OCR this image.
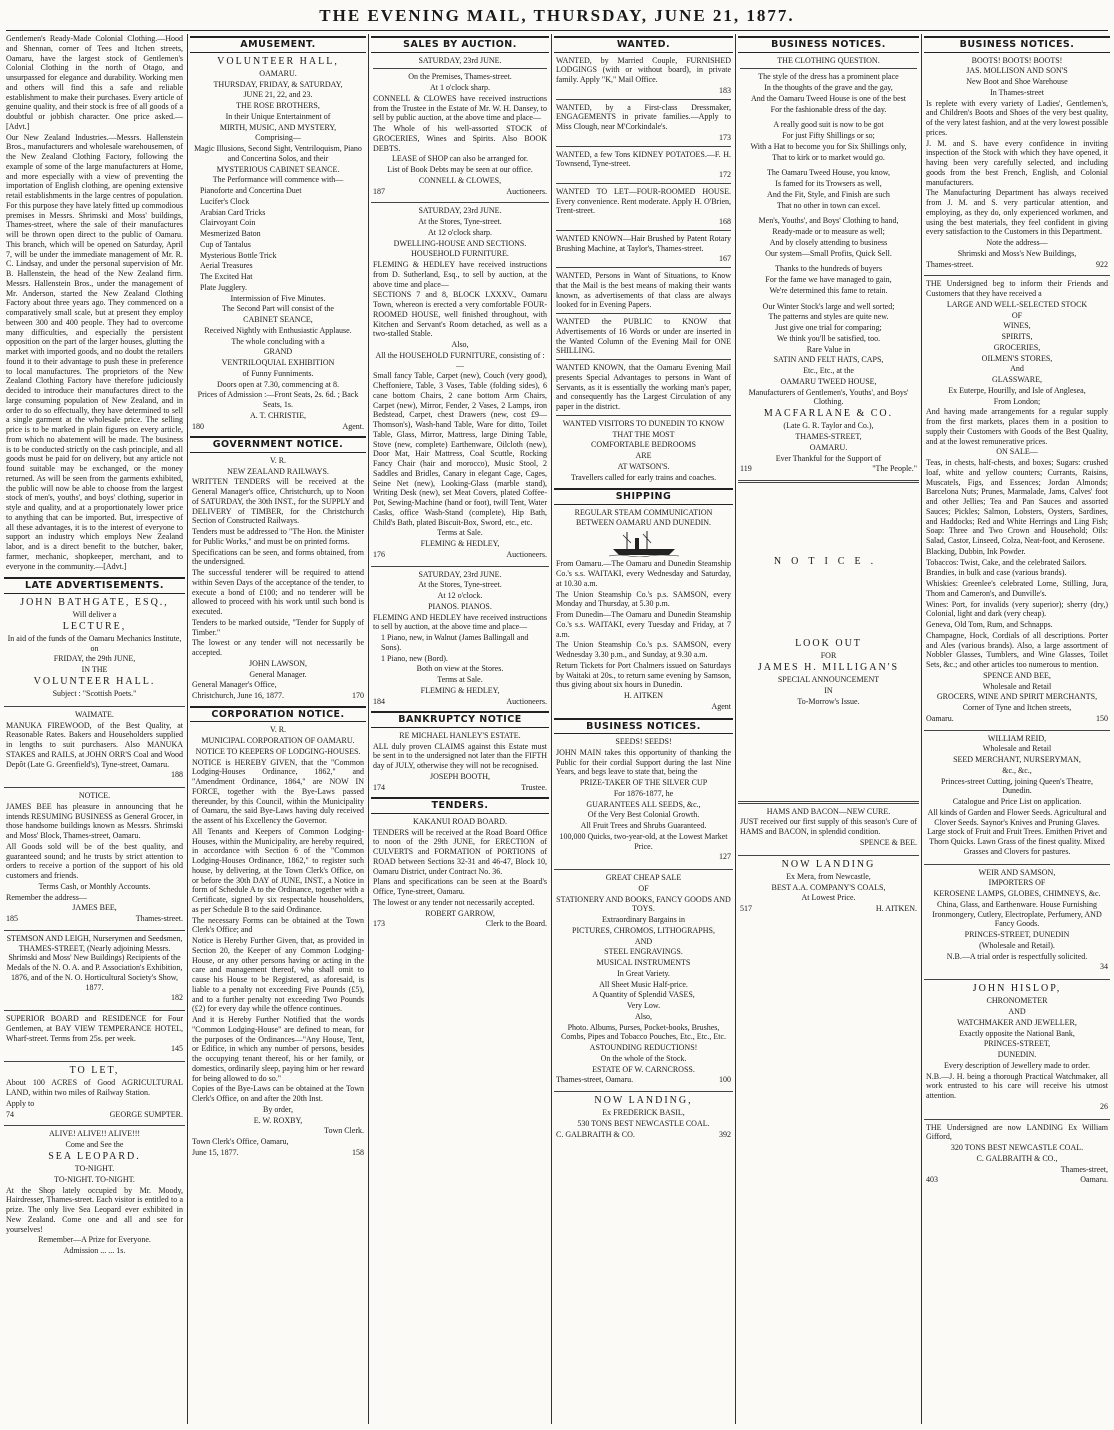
THE EVENING MAIL, THURSDAY, JUNE 21, 1877.

Gentlemen's Ready-Made Colonial Clothing.—Hood and Shennan, corner of Tees and Itchen streets, Oamaru, have the largest stock of Gentlemen's Colonial Clothing in the north of Otago, and unsurpassed for elegance and durability. Working men and others will find this a safe and reliable establishment to make their purchases. Every article of genuine quality, and their stock is free of all goods of a doubtful or jobbish character. One price asked.—[Advt.]

Our New Zealand Industries.—Messrs. Hallenstein Bros., manufacturers and wholesale warehousemen, of the New Zealand Clothing Factory, following the example of some of the large manufacturers at Home, and more especially with a view of preventing the importation of English clothing, are opening extensive retail establishments in the large centres of population. For this purpose they have lately fitted up commodious premises in Messrs. Shrimski and Moss' buildings, Thames-street, where the sale of their manufactures will be thrown open direct to the public of Oamaru. This branch, which will be opened on Saturday, April 7, will be under the immediate management of Mr. R. C. Lindsay, and under the personal supervision of Mr. B. Hallenstein, the head of the New Zealand firm. Messrs. Hallenstein Bros., under the management of Mr. Anderson, started the New Zealand Clothing Factory about three years ago. They commenced on a comparatively small scale, but at present they employ between 300 and 400 people. They had to overcome many difficulties, and especially the persistent opposition on the part of the larger houses, glutting the market with imported goods, and no doubt the retailers found it to their advantage to push these in preference to local manufactures. The proprietors of the New Zealand Clothing Factory have therefore judiciously decided to introduce their manufactures direct to the large consuming population of New Zealand, and in order to do so effectually, they have determined to sell a single garment at the wholesale price. The selling price is to be marked in plain figures on every article, from which no abatement will be made. The business is to be conducted strictly on the cash principle, and all goods must be paid for on delivery, but any article not found suitable may be exchanged, or the money returned. As will be seen from the garments exhibited, the public will now be able to choose from the largest stock of men's, youths', and boys' clothing, superior in style and quality, and at a proportionately lower price to anything that can be imported. But, irrespective of all these advantages, it is to the interest of everyone to support an industry which employs New Zealand labor, and is a direct benefit to the butcher, baker, farmer, mechanic, shopkeeper, merchant, and to everyone in the community.—[Advt.]

LATE ADVERTISEMENTS.

JOHN BATHGATE, ESQ.,

Will deliver a

LECTURE,

In aid of the funds of the Oamaru Mechanics Institute, on

FRIDAY, the 29th JUNE,

IN THE

VOLUNTEER HALL.

Subject : "Scottish Poets."

WAIMATE.

MANUKA FIREWOOD, of the Best Quality, at Reasonable Rates. Bakers and Householders supplied in lengths to suit purchasers. Also MANUKA STAKES and RAILS, at JOHN ORR'S Coal and Wood Depôt (Late G. Greenfield's), Tyne-street, Oamaru.

188

NOTICE.

JAMES BEE has pleasure in announcing that he intends RESUMING BUSINESS as General Grocer, in those handsome buildings known as Messrs. Shrimski and Moss' Block, Thames-street, Oamaru.

All Goods sold will be of the best quality, and guaranteed sound; and he trusts by strict attention to orders to receive a portion of the support of his old customers and friends.

Terms Cash, or Monthly Accounts.

Remember the address—

JAMES BEE,

185	Thames-street.

STEMSON AND LEIGH, Nurserymen and Seedsmen, THAMES-STREET, (Nearly adjoining Messrs. Shrimski and Moss' New Buildings) Recipients of the Medals of the N. O. A. and P. Association's Exhibition, 1876, and of the N. O. Horticultural Society's Show, 1877.

182

SUPERIOR BOARD and RESIDENCE for Four Gentlemen, at BAY VIEW TEMPERANCE HOTEL, Wharf-street. Terms from 25s. per week.

145

TO LET,

About 100 ACRES of Good AGRICULTURAL LAND, within two miles of Railway Station.

Apply to

74	GEORGE SUMPTER.

ALIVE! ALIVE!! ALIVE!!!

Come and See the

SEA LEOPARD.

TO-NIGHT.

TO-NIGHT. TO-NIGHT.

At the Shop lately occupied by Mr. Moody, Hairdresser, Thames-street. Each visitor is entitled to a prize. The only live Sea Leopard ever exhibited in New Zealand. Come one and all and see for yourselves!

Remember—A Prize for Everyone.

Admission ... ... 1s.

AMUSEMENT.

VOLUNTEER HALL,

OAMARU.

THURSDAY, FRIDAY, & SATURDAY,

JUNE 21, 22, and 23.

THE ROSE BROTHERS,

In their Unique Entertainment of

MIRTH, MUSIC, AND MYSTERY,

Comprising—

Magic Illusions, Second Sight, Ventriloquism, Piano and Concertina Solos, and their

MYSTERIOUS CABINET SEANCE.

The Performance will commence with—

Pianoforte and Concertina Duet

Lucifer's Clock

Arabian Card Tricks

Clairvoyant Coin

Mesmerized Baton

Cup of Tantalus

Mysterious Bottle Trick

Aerial Treasures

The Excited Hat

Plate Jugglery.

Intermission of Five Minutes.

The Second Part will consist of the

CABINET SEANCE,

Received Nightly with Enthusiastic Applause.

The whole concluding with a

GRAND

VENTRILOQUIAL EXHIBITION

of Funny Funniments.

Doors open at 7.30, commencing at 8.

Prices of Admission :—Front Seats, 2s. 6d. ; Back Seats, 1s.

A. T. CHRISTIE,

180	Agent.
GOVERNMENT NOTICE.

V. R.

NEW ZEALAND RAILWAYS.

WRITTEN TENDERS will be received at the General Manager's office, Christchurch, up to Noon of SATURDAY, the 30th INST., for the SUPPLY and DELIVERY of TIMBER, for the Christchurch Section of Constructed Railways.

Tenders must be addressed to "The Hon. the Minister for Public Works," and must be on printed forms.

Specifications can be seen, and forms obtained, from the undersigned.

The successful tenderer will be required to attend within Seven Days of the acceptance of the tender, to execute a bond of £100; and no tenderer will be allowed to proceed with his work until such bond is executed.

Tenders to be marked outside, "Tender for Supply of Timber."

The lowest or any tender will not necessarily be accepted.

JOHN LAWSON,

General Manager.

General Manager's Office,

Christchurch, June 16, 1877.	170
CORPORATION NOTICE.

V. R.

MUNICIPAL CORPORATION OF OAMARU.

NOTICE TO KEEPERS OF LODGING-HOUSES.

NOTICE is HEREBY GIVEN, that the "Common Lodging-Houses Ordinance, 1862," and "Amendment Ordinance, 1864," are NOW IN FORCE, together with the Bye-Laws passed thereunder, by this Council, within the Municipality of Oamaru, the said Bye-Laws having duly received the assent of his Excellency the Governor.

All Tenants and Keepers of Common Lodging-Houses, within the Municipality, are hereby required, in accordance with Section 6 of the "Common Lodging-Houses Ordinance, 1862," to register such house, by delivering, at the Town Clerk's Office, on or before the 30th DAY of JUNE, INST., a Notice in form of Schedule A to the Ordinance, together with a Certificate, signed by six respectable householders, as per Schedule B to the said Ordinance.

The necessary Forms can be obtained at the Town Clerk's Office; and

Notice is Hereby Further Given, that, as provided in Section 20, the Keeper of any Common Lodging-House, or any other persons having or acting in the care and management thereof, who shall omit to cause his House to be Registered, as aforesaid, is liable to a penalty not exceeding Five Pounds (£5), and to a further penalty not exceeding Two Pounds (£2) for every day while the offence continues.

And it is Hereby Further Notified that the words "Common Lodging-House" are defined to mean, for the purposes of the Ordinances—"Any House, Tent, or Edifice, in which any number of persons, besides the occupying tenant thereof, his or her family, or domestics, ordinarily sleep, paying him or her reward for being allowed to do so."

Copies of the Bye-Laws can be obtained at the Town Clerk's Office, on and after the 20th Inst.

By order,

E. W. ROXBY,

Town Clerk.

Town Clerk's Office, Oamaru,

June 15, 1877.	158
SALES BY AUCTION.

SATURDAY, 23rd JUNE.

On the Premises, Thames-street.

At 1 o'clock sharp.

CONNELL & CLOWES have received instructions from the Trustee in the Estate of Mr. W. H. Dansey, to sell by public auction, at the above time and place—

The Whole of his well-assorted STOCK of GROCERIES, Wines and Spirits. Also BOOK DEBTS.

LEASE of SHOP can also be arranged for.

List of Book Debts may be seen at our office.

CONNELL & CLOWES,

187	Auctioneers.

SATURDAY, 23rd JUNE.

At the Stores, Tyne-street.

At 12 o'clock sharp.

DWELLING-HOUSE AND SECTIONS.

HOUSEHOLD FURNITURE.

FLEMING & HEDLEY have received instructions from D. Sutherland, Esq., to sell by auction, at the above time and place—

SECTIONS 7 and 8, BLOCK LXXXV., Oamaru Town, whereon is erected a very comfortable FOUR-ROOMED HOUSE, well finished throughout, with Kitchen and Servant's Room detached, as well as a two-stalled Stable.

Also,

All the HOUSEHOLD FURNITURE, consisting of :—

Small fancy Table, Carpet (new), Couch (very good), Cheffoniere, Table, 3 Vases, Table (folding sides), 6 cane bottom Chairs, 2 cane bottom Arm Chairs, Carpet (new), Mirror, Fender, 2 Vases, 2 Lamps, iron Bedstead, Carpet, chest Drawers (new, cost £9—Thomson's), Wash-hand Table, Ware for ditto, Toilet Table, Glass, Mirror, Mattress, large Dining Table, Stove (new, complete) Earthenware, Oilcloth (new), Door Mat, Hair Mattress, Coal Scuttle, Rocking Fancy Chair (hair and morocco), Music Stool, 2 Saddles and Bridles, Canary in elegant Cage, Cages, Seine Net (new), Looking-Glass (marble stand), Writing Desk (new), set Meat Covers, plated Coffee-Pot, Sewing-Machine (hand or foot), twill Tent, Water Casks, office Wash-Stand (complete), Hip Bath, Child's Bath, plated Biscuit-Box, Sword, etc., etc.

Terms at Sale.

FLEMING & HEDLEY,

176	Auctioneers.

SATURDAY, 23rd JUNE.

At the Stores, Tyne-street.

At 12 o'clock.

PIANOS. PIANOS.

FLEMING AND HEDLEY have received instructions to sell by auction, at the above time and place—

1 Piano, new, in Walnut (James Ballingall and Sons).

1 Piano, new (Bord).

Both on view at the Stores.

Terms at Sale.

FLEMING & HEDLEY,

184	Auctioneers.
BANKRUPTCY NOTICE

RE MICHAEL HANLEY'S ESTATE.

ALL duly proven CLAIMS against this Estate must be sent in to the undersigned not later than the FIFTH day of JULY, otherwise they will not be recognised.

JOSEPH BOOTH,

174	Trustee.
TENDERS.

KAKANUI ROAD BOARD.

TENDERS will be received at the Road Board Office to noon of the 29th JUNE, for ERECTION of CULVERTS and FORMATION of PORTIONS of ROAD between Sections 32-31 and 46-47, Block 10, Oamaru District, under Contract No. 36.

Plans and specifications can be seen at the Board's Office, Tyne-street, Oamaru.

The lowest or any tender not necessarily accepted.

ROBERT GARROW,

173	Clerk to the Board.
WANTED.

WANTED, by Married Couple, FURNISHED LODGINGS (with or without board), in private family. Apply "K," Mail Office.

183

WANTED, by a First-class Dressmaker, ENGAGEMENTS in private families.—Apply to Miss Clough, near M'Corkindale's.

173

WANTED, a few Tons KIDNEY POTATOES.—F. H. Townsend, Tyne-street.

172

WANTED TO LET—FOUR-ROOMED HOUSE. Every convenience. Rent moderate. Apply H. O'Brien, Trent-street.

168

WANTED KNOWN—Hair Brushed by Patent Rotary Brushing Machine, at Taylor's, Thames-street.

167

WANTED, Persons in Want of Situations, to Know that the Mail is the best means of making their wants known, as advertisements of that class are always looked for in Evening Papers.

WANTED the PUBLIC to KNOW that Advertisements of 16 Words or under are inserted in the Wanted Column of the Evening Mail for ONE SHILLING.

WANTED KNOWN, that the Oamaru Evening Mail presents Special Advantages to persons in Want of Servants, as it is essentially the working man's paper, and consequently has the Largest Circulation of any paper in the district.

WANTED VISITORS TO DUNEDIN TO KNOW

THAT THE MOST

COMFORTABLE BEDROOMS

ARE

AT WATSON'S.

Travellers called for early trains and coaches.

SHIPPING

REGULAR STEAM COMMUNICATION BETWEEN OAMARU AND DUNEDIN.

From Oamaru.—The Oamaru and Dunedin Steamship Co.'s s.s. WAITAKI, every Wednesday and Saturday, at 10.30 a.m.

The Union Steamship Co.'s p.s. SAMSON, every Monday and Thursday, at 5.30 p.m.

From Dunedin—The Oamaru and Dunedin Steamship Co.'s s.s. WAITAKI, every Tuesday and Friday, at 7 a.m.

The Union Steamship Co.'s p.s. SAMSON, every Wednesday 3.30 p.m., and Sunday, at 9.30 a.m.

Return Tickets for Port Chalmers issued on Saturdays by Waitaki at 20s., to return same evening by Samson, thus giving about six hours in Dunedin.

H. AITKEN

Agent

BUSINESS NOTICES.

SEEDS! SEEDS!

JOHN MAIN takes this opportunity of thanking the Public for their cordial Support during the last Nine Years, and begs leave to state that, being the

PRIZE-TAKER OF THE SILVER CUP

For 1876-1877, he

GUARANTEES ALL SEEDS, &c.,

Of the Very Best Colonial Growth.

All Fruit Trees and Shrubs Guaranteed.

100,000 Quicks, two-year-old, at the Lowest Market Price.

127

GREAT CHEAP SALE

OF

STATIONERY AND BOOKS, FANCY GOODS AND TOYS.

Extraordinary Bargains in

PICTURES, CHROMOS, LITHOGRAPHS,

AND

STEEL ENGRAVINGS.

MUSICAL INSTRUMENTS

In Great Variety.

All Sheet Music Half-price.

A Quantity of Splendid VASES,

Very Low.

Also,

Photo. Albums, Purses, Pocket-books, Brushes, Combs, Pipes and Tobacco Pouches, Etc., Etc., Etc.

ASTOUNDING REDUCTIONS!

On the whole of the Stock.

ESTATE OF W. CARNCROSS.

Thames-street, Oamaru.	100

NOW LANDING,

Ex FREDERICK BASIL,

530 TONS BEST NEWCASTLE COAL.

C. GALBRAITH & CO.	392
BUSINESS NOTICES.

THE CLOTHING QUESTION.

The style of the dress has a prominent place

In the thoughts of the grave and the gay,

And the Oamaru Tweed House is one of the best

For the fashionable dress of the day.

A really good suit is now to be got

For just Fifty Shillings or so;

With a Hat to become you for Six Shillings only,

That to kirk or to market would go.

The Oamaru Tweed House, you know,

Is famed for its Trowsers as well,

And the Fit, Style, and Finish are such

That no other in town can excel.

Men's, Youths', and Boys' Clothing to hand,

Ready-made or to measure as well;

And by closely attending to business

Our system—Small Profits, Quick Sell.

Thanks to the hundreds of buyers

For the fame we have managed to gain,

We're determined this fame to retain.

Our Winter Stock's large and well sorted;

The patterns and styles are quite new.

Just give one trial for comparing;

We think you'll be satisfied, too.

Rare Value in

SATIN AND FELT HATS, CAPS,

Etc., Etc., at the

OAMARU TWEED HOUSE,

Manufacturers of Gentlemen's, Youths', and Boys' Clothing.

MACFARLANE & CO.

(Late G. R. Taylor and Co.),

THAMES-STREET,

OAMARU.

Ever Thankful for the Support of

119	"The People."

NOTICE.

LOOK OUT

FOR

JAMES H. MILLIGAN'S

SPECIAL ANNOUNCEMENT

IN

To-Morrow's Issue.

HAMS AND BACON—NEW CURE.

JUST received our first supply of this season's Cure of HAMS and BACON, in splendid condition.

SPENCE & BEE.

NOW LANDING

Ex Mera, from Newcastle,

BEST A.A. COMPANY'S COALS,

At Lowest Price.

517	H. AITKEN.
BUSINESS NOTICES.

BOOTS! BOOTS! BOOTS!

JAS. MOLLISON AND SON'S

New Boot and Shoe Warehouse

In Thames-street

Is replete with every variety of Ladies', Gentlemen's, and Children's Boots and Shoes of the very best quality, of the very latest fashion, and at the very lowest possible prices.

J. M. and S. have every confidence in inviting inspection of the Stock with which they have opened, it having been very carefully selected, and including goods from the best French, English, and Colonial manufacturers.

The Manufacturing Department has always received from J. M. and S. very particular attention, and employing, as they do, only experienced workmen, and using the best materials, they feel confident in giving every satisfaction to the Customers in this Department.

Note the address—

Shrimski and Moss's New Buildings,

Thames-street.	922

THE Undersigned beg to inform their Friends and Customers that they have received a

LARGE AND WELL-SELECTED STOCK

OF

WINES,

SPIRITS,

GROCERIES,

OILMEN'S STORES,

And

GLASSWARE,

Ex Euterpe, Hourilly, and Isle of Anglesea,

From London;

And having made arrangements for a regular supply from the first markets, places them in a position to supply their Customers with Goods of the Best Quality, and at the lowest remunerative prices.

ON SALE—

Teas, in chests, half-chests, and boxes; Sugars: crushed loaf, white and yellow counters; Currants, Raisins, Muscatels, Figs, and Essences; Jordan Almonds; Barcelona Nuts; Prunes, Marmalade, Jams, Calves' foot and other Jellies; Tea and Pan Sauces and assorted Sauces; Pickles; Salmon, Lobsters, Oysters, Sardines, and Haddocks; Red and White Herrings and Ling Fish; Soap: Three and Two Crown and Household; Oils: Salad, Castor, Linseed, Colza, Neat-foot, and Kerosene.

Blacking, Dubbin, Ink Powder.

Tobaccos: Twist, Cake, and the celebrated Sailors.

Brandies, in bulk and case (various brands).

Whiskies: Greenlee's celebrated Lorne, Stilling, Jura, Thom and Cameron's, and Dunville's.

Wines: Port, for invalids (very superior); sherry (dry,) Colonial, light and dark (very cheap).

Geneva, Old Tom, Rum, and Schnapps.

Champagne, Hock, Cordials of all descriptions. Porter and Ales (various brands). Also, a large assortment of Nobbler Glasses, Tumblers, and Wine Glasses, Toilet Sets, &c.; and other articles too numerous to mention.

SPENCE AND BEE,

Wholesale and Retail

GROCERS, WINE AND SPIRIT MERCHANTS,

Corner of Tyne and Itchen streets,

Oamaru.	150

WILLIAM REID,

Wholesale and Retail

SEED MERCHANT, NURSERYMAN,

&c., &c.,

Princes-street Cutting, joining Queen's Theatre, Dunedin.

Catalogue and Price List on application.

All kinds of Garden and Flower Seeds. Agricultural and Clover Seeds. Saynor's Knives and Pruning Glaves. Large stock of Fruit and Fruit Trees. Emithen Privet and Thorn Quicks. Lawn Grass of the finest quality. Mixed Grasses and Clovers for pastures.

WEIR AND SAMSON,

IMPORTERS OF

KEROSENE LAMPS, GLOBES, CHIMNEYS, &c.

China, Glass, and Earthenware. House Furnishing Ironmongery, Cutlery, Electroplate, Perfumery, AND Fancy Goods.

PRINCES-STREET, DUNEDIN

(Wholesale and Retail).

N.B.—A trial order is respectfully solicited.

34

JOHN HISLOP,

CHRONOMETER

AND

WATCHMAKER AND JEWELLER,

Exactly opposite the National Bank,

PRINCES-STREET,

DUNEDIN.

Every description of Jewellery made to order.

N.B.—J. H. being a thorough Practical Watchmaker, all work entrusted to his care will receive his utmost attention.

26

THE Undersigned are now LANDING Ex William Gifford,

320 TONS BEST NEWCASTLE COAL.

C. GALBRAITH & CO.,

Thames-street,

403	Oamaru.
